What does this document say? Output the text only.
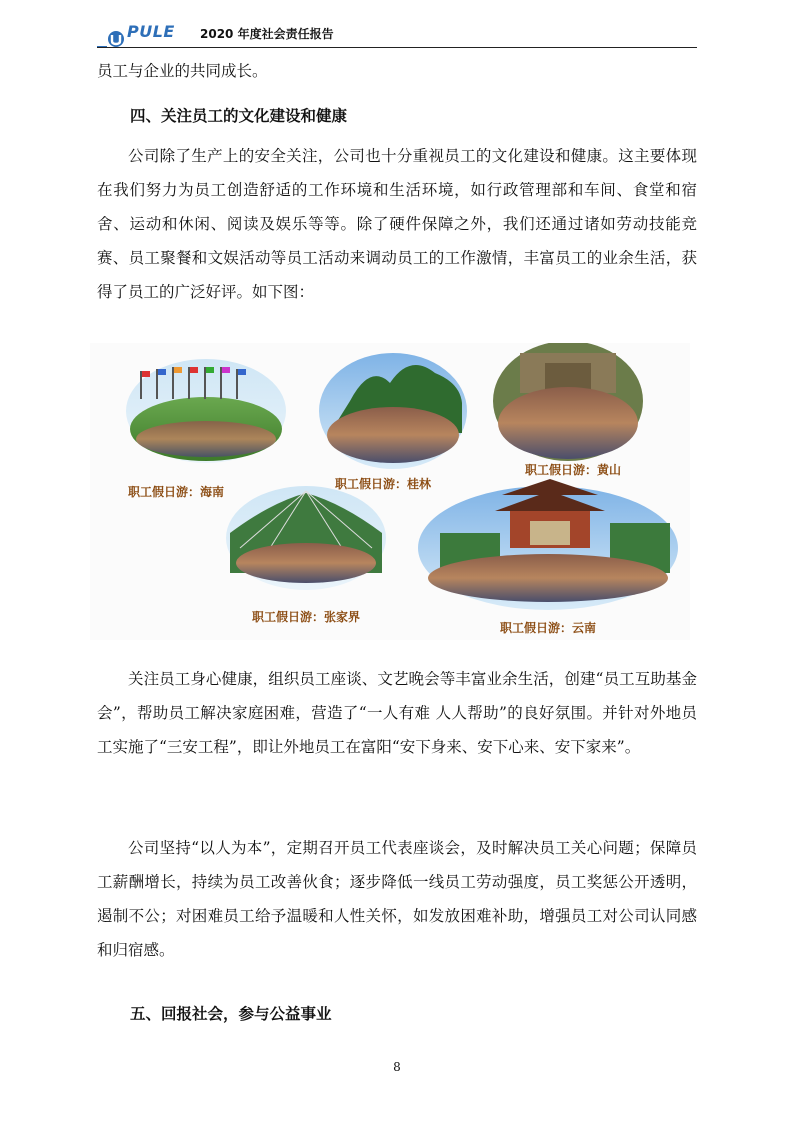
PULE 2020 年度社会责任报告

员工与企业的共同成长。

四、关注员工的文化建设和健康

公司除了生产上的安全关注，公司也十分重视员工的文化建设和健康。这主要体现在我们努力为员工创造舒适的工作环境和生活环境，如行政管理部和车间、食堂和宿舍、运动和休闲、阅读及娱乐等等。除了硬件保障之外，我们还通过诸如劳动技能竞赛、员工聚餐和文娱活动等员工活动来调动员工的工作激情，丰富员工的业余生活，获得了员工的广泛好评。如下图：

职工假日游：海南
职工假日游：桂林
职工假日游：黄山
职工假日游：张家界
职工假日游：云南

关注员工身心健康，组织员工座谈、文艺晚会等丰富业余生活，创建“员工互助基金会”，帮助员工解决家庭困难，营造了“一人有难 人人帮助”的良好氛围。并针对外地员工实施了“三安工程”，即让外地员工在富阳“安下身来、安下心来、安下家来”。

公司坚持“以人为本”，定期召开员工代表座谈会，及时解决员工关心问题；保障员工薪酬增长，持续为员工改善伙食；逐步降低一线员工劳动强度，员工奖惩公开透明，遏制不公；对困难员工给予温暖和人性关怀，如发放困难补助，增强员工对公司认同感和归宿感。

五、回报社会，参与公益事业
8
